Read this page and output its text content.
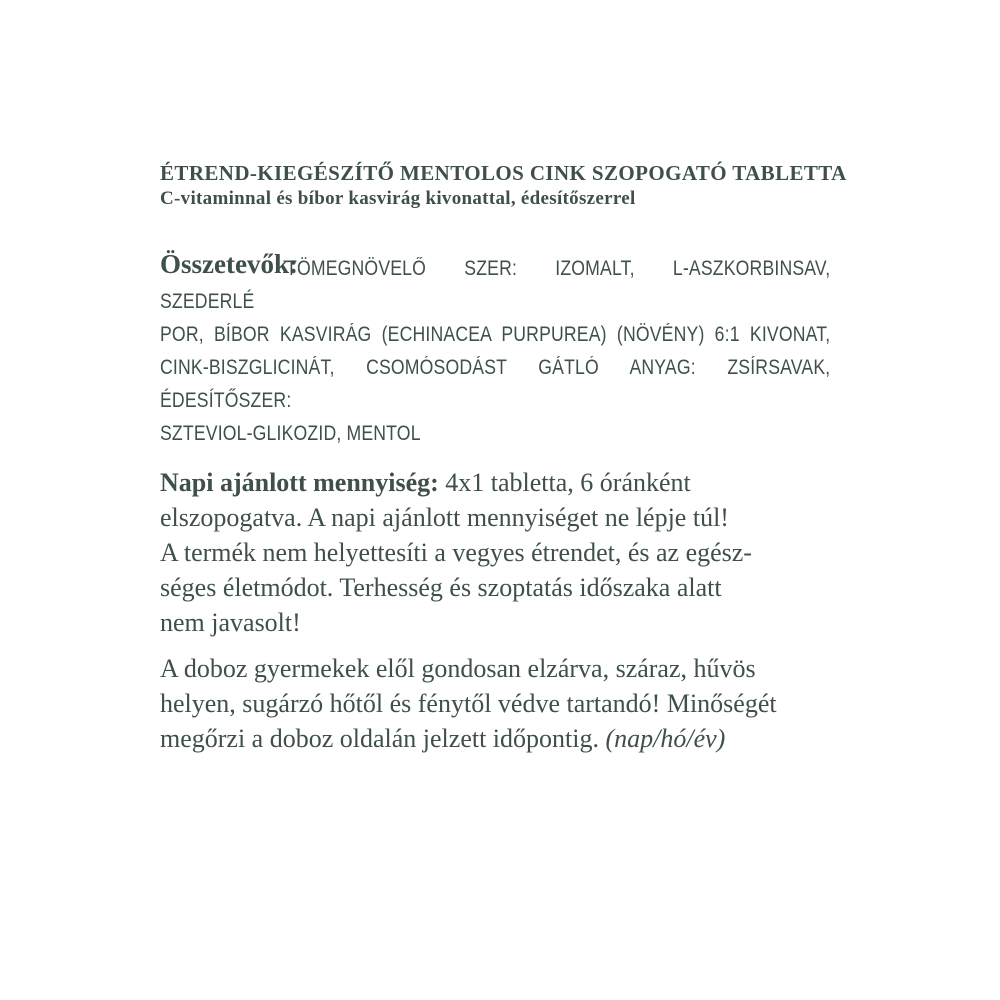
ÉTREND-KIEGÉSZÍTŐ MENTOLOS CINK SZOPOGATÓ TABLETTA
C-vitaminnal és bíbor kasvirág kivonattal, édesítőszerrel
Összetevők:
TÖMEGNÖVELŐ SZER: IZOMALT, L-ASZKORBINSAV, SZEDERLÉ
POR, BÍBOR KASVIRÁG (ECHINACEA PURPUREA) (NÖVÉNY) 6:1 KIVONAT,
CINK-BISZGLICINÁT, CSOMÓSODÁST GÁTLÓ ANYAG: ZSÍRSAVAK, ÉDESÍTŐSZER:
SZTEVIOL-GLIKOZID, MENTOL
Napi ajánlott mennyiség: 4x1 tabletta, 6 óránként
elszopogatva. A napi ajánlott mennyiséget ne lépje túl!
A termék nem helyettesíti a vegyes étrendet, és az egész-
séges életmódot. Terhesség és szoptatás időszaka alatt
nem javasolt!
A doboz gyermekek elől gondosan elzárva, száraz, hűvös
helyen, sugárzó hőtől és fénytől védve tartandó! Minőségét
megőrzi a doboz oldalán jelzett időpontig. (nap/hó/év)
